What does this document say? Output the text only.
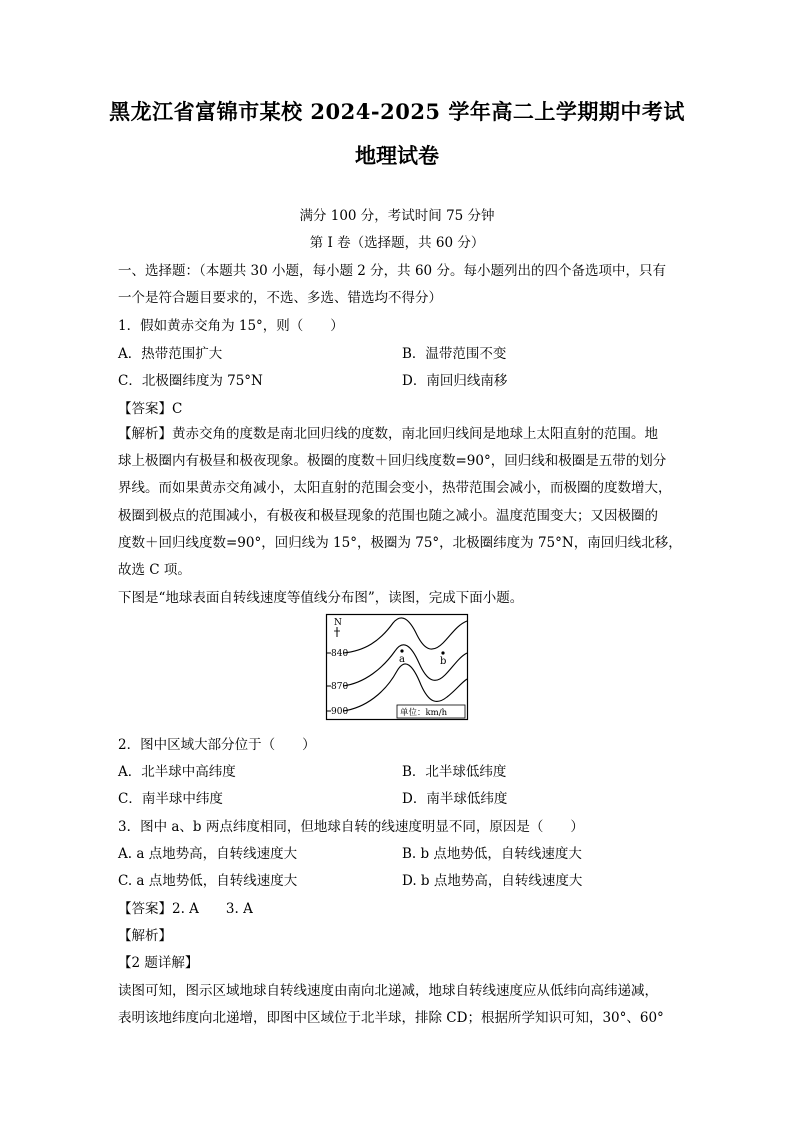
黑龙江省富锦市某校 2024-2025 学年高二上学期期中考试
地理试卷
满分 100 分，考试时间 75 分钟
第 I 卷（选择题，共 60 分）
一、选择题：（本题共 30 小题，每小题 2 分，共 60 分。每小题列出的四个备选项中，只有
一个是符合题目要求的，不选、多选、错选均不得分）
1．假如黄赤交角为 15°，则（　　）
A．热带范围扩大	B．温带范围不变
C．北极圈纬度为 75°N	D．南回归线南移
【答案】C
【解析】黄赤交角的度数是南北回归线的度数，南北回归线间是地球上太阳直射的范围。地
球上极圈内有极昼和极夜现象。极圈的度数＋回归线度数=90°，回归线和极圈是五带的划分
界线。而如果黄赤交角减小，太阳直射的范围会变小，热带范围会减小，而极圈的度数增大，
极圈到极点的范围减小，有极夜和极昼现象的范围也随之减小。温度范围变大；又因极圈的
度数＋回归线度数=90°，回归线为 15°，极圈为 75°，北极圈纬度为 75°N，南回归线北移，
故选 C 项。
下图是“地球表面自转线速度等值线分布图”，读图，完成下面小题。
N
840
870
900
a	b
单位：km/h
2．图中区域大部分位于（　　）
A．北半球中高纬度	B．北半球低纬度
C．南半球中纬度	D．南半球低纬度
3．图中 a、b 两点纬度相同，但地球自转的线速度明显不同，原因是（　　）
A. a 点地势高，自转线速度大	B. b 点地势低，自转线速度大
C. a 点地势低，自转线速度大	D. b 点地势高，自转线速度大
【答案】2. A　　3. A
【解析】
【2 题详解】
读图可知，图示区域地球自转线速度由南向北递减，地球自转线速度应从低纬向高纬递减，
表明该地纬度向北递增，即图中区域位于北半球，排除 CD；根据所学知识可知，30°、60°
